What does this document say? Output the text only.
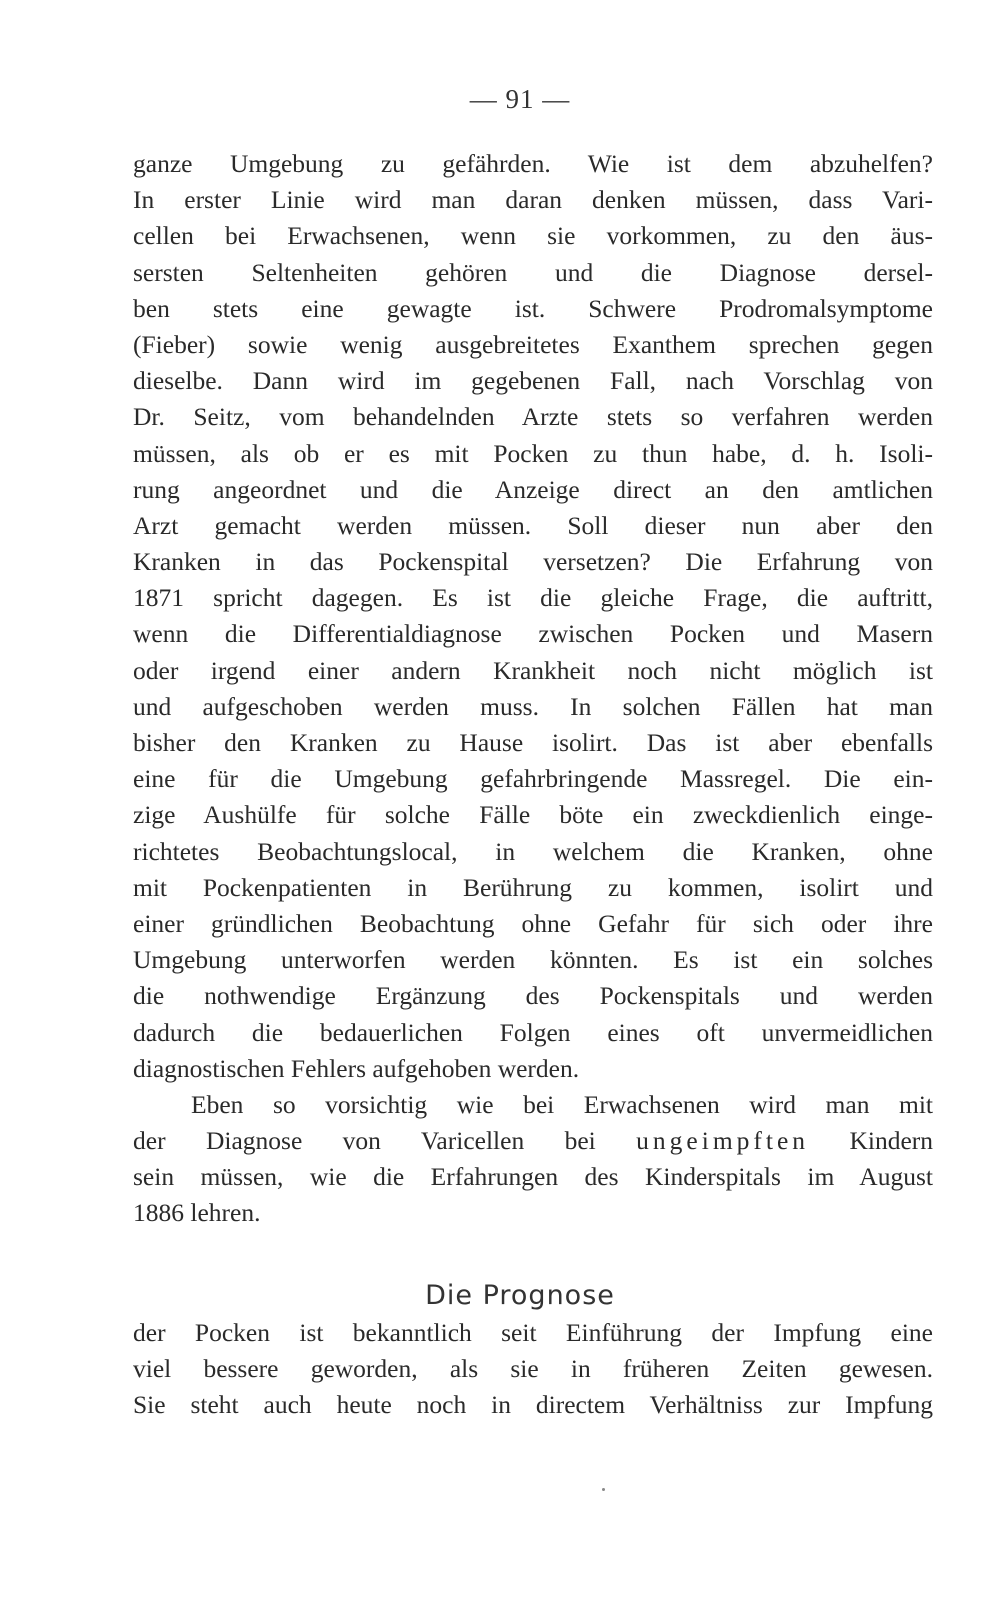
— 91 —
ganze Umgebung zu gefährden. Wie ist dem abzuhelfen?
In erster Linie wird man daran denken müssen, dass Vari-
cellen bei Erwachsenen, wenn sie vorkommen, zu den äus-
sersten Seltenheiten gehören und die Diagnose dersel-
ben stets eine gewagte ist. Schwere Prodromalsymptome
(Fieber) sowie wenig ausgebreitetes Exanthem sprechen gegen
dieselbe. Dann wird im gegebenen Fall, nach Vorschlag von
Dr. Seitz, vom behandelnden Arzte stets so verfahren werden
müssen, als ob er es mit Pocken zu thun habe, d. h. Isoli-
rung angeordnet und die Anzeige direct an den amtlichen
Arzt gemacht werden müssen. Soll dieser nun aber den
Kranken in das Pockenspital versetzen? Die Erfahrung von
1871 spricht dagegen. Es ist die gleiche Frage, die auftritt,
wenn die Differentialdiagnose zwischen Pocken und Masern
oder irgend einer andern Krankheit noch nicht möglich ist
und aufgeschoben werden muss. In solchen Fällen hat man
bisher den Kranken zu Hause isolirt. Das ist aber ebenfalls
eine für die Umgebung gefahrbringende Massregel. Die ein-
zige Aushülfe für solche Fälle böte ein zweckdienlich einge-
richtetes Beobachtungslocal, in welchem die Kranken, ohne
mit Pockenpatienten in Berührung zu kommen, isolirt und
einer gründlichen Beobachtung ohne Gefahr für sich oder ihre
Umgebung unterworfen werden könnten. Es ist ein solches
die nothwendige Ergänzung des Pockenspitals und werden
dadurch die bedauerlichen Folgen eines oft unvermeidlichen
diagnostischen Fehlers aufgehoben werden.
Eben so vorsichtig wie bei Erwachsenen wird man mit
der Diagnose von Varicellen bei ungeimpften Kindern
sein müssen, wie die Erfahrungen des Kinderspitals im August
1886 lehren.
Die Prognose
der Pocken ist bekanntlich seit Einführung der Impfung eine
viel bessere geworden, als sie in früheren Zeiten gewesen.
Sie steht auch heute noch in directem Verhältniss zur Impfung
